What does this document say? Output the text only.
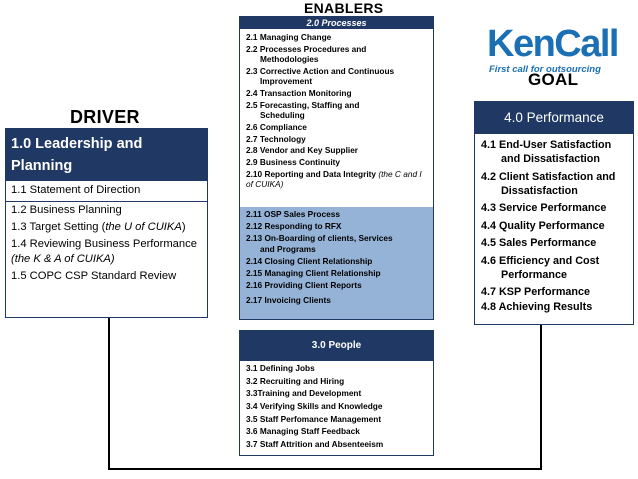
ENABLERS
DRIVER
GOAL
KenCall
First call for outsourcing
1.0 Leadership and Planning
1.1 Statement of Direction
1.2 Business Planning
1.3 Target Setting (the U of CUIKA)
1.4 Reviewing Business Performance (the K & A of CUIKA)
1.5 COPC CSP Standard Review
2.0 Processes
2.1 Managing Change
2.2 Processes Procedures and
Methodologies
2.3 Corrective Action and Continuous
Improvement
2.4 Transaction Monitoring
2.5 Forecasting, Staffing and
Scheduling
2.6 Compliance
2.7 Technology
2.8 Vendor and Key Supplier
2.9 Business Continuity
2.10 Reporting and Data Integrity (the C and I of CUIKA)
2.11 OSP Sales Process
2.12 Responding to RFX
2.13 On-Boarding of clients, Services
and Programs
2.14 Closing Client Relationship
2.15 Managing Client Relationship
2.16 Providing Client Reports
2.17 Invoicing Clients
3.0 People
3.1 Defining Jobs
3.2 Recruiting and Hiring
3.3Training and Development
3.4 Verifying Skills and Knowledge
3.5 Staff Perfomance Management
3.6 Managing Staff Feedback
3.7 Staff Attrition and Absenteeism
4.0 Performance
4.1 End-User Satisfaction
and Dissatisfaction
4.2 Client Satisfaction and
Dissatisfaction
4.3 Service Performance
4.4 Quality Performance
4.5 Sales Performance
4.6 Efficiency and Cost
Performance
4.7 KSP Performance
4.8 Achieving Results
